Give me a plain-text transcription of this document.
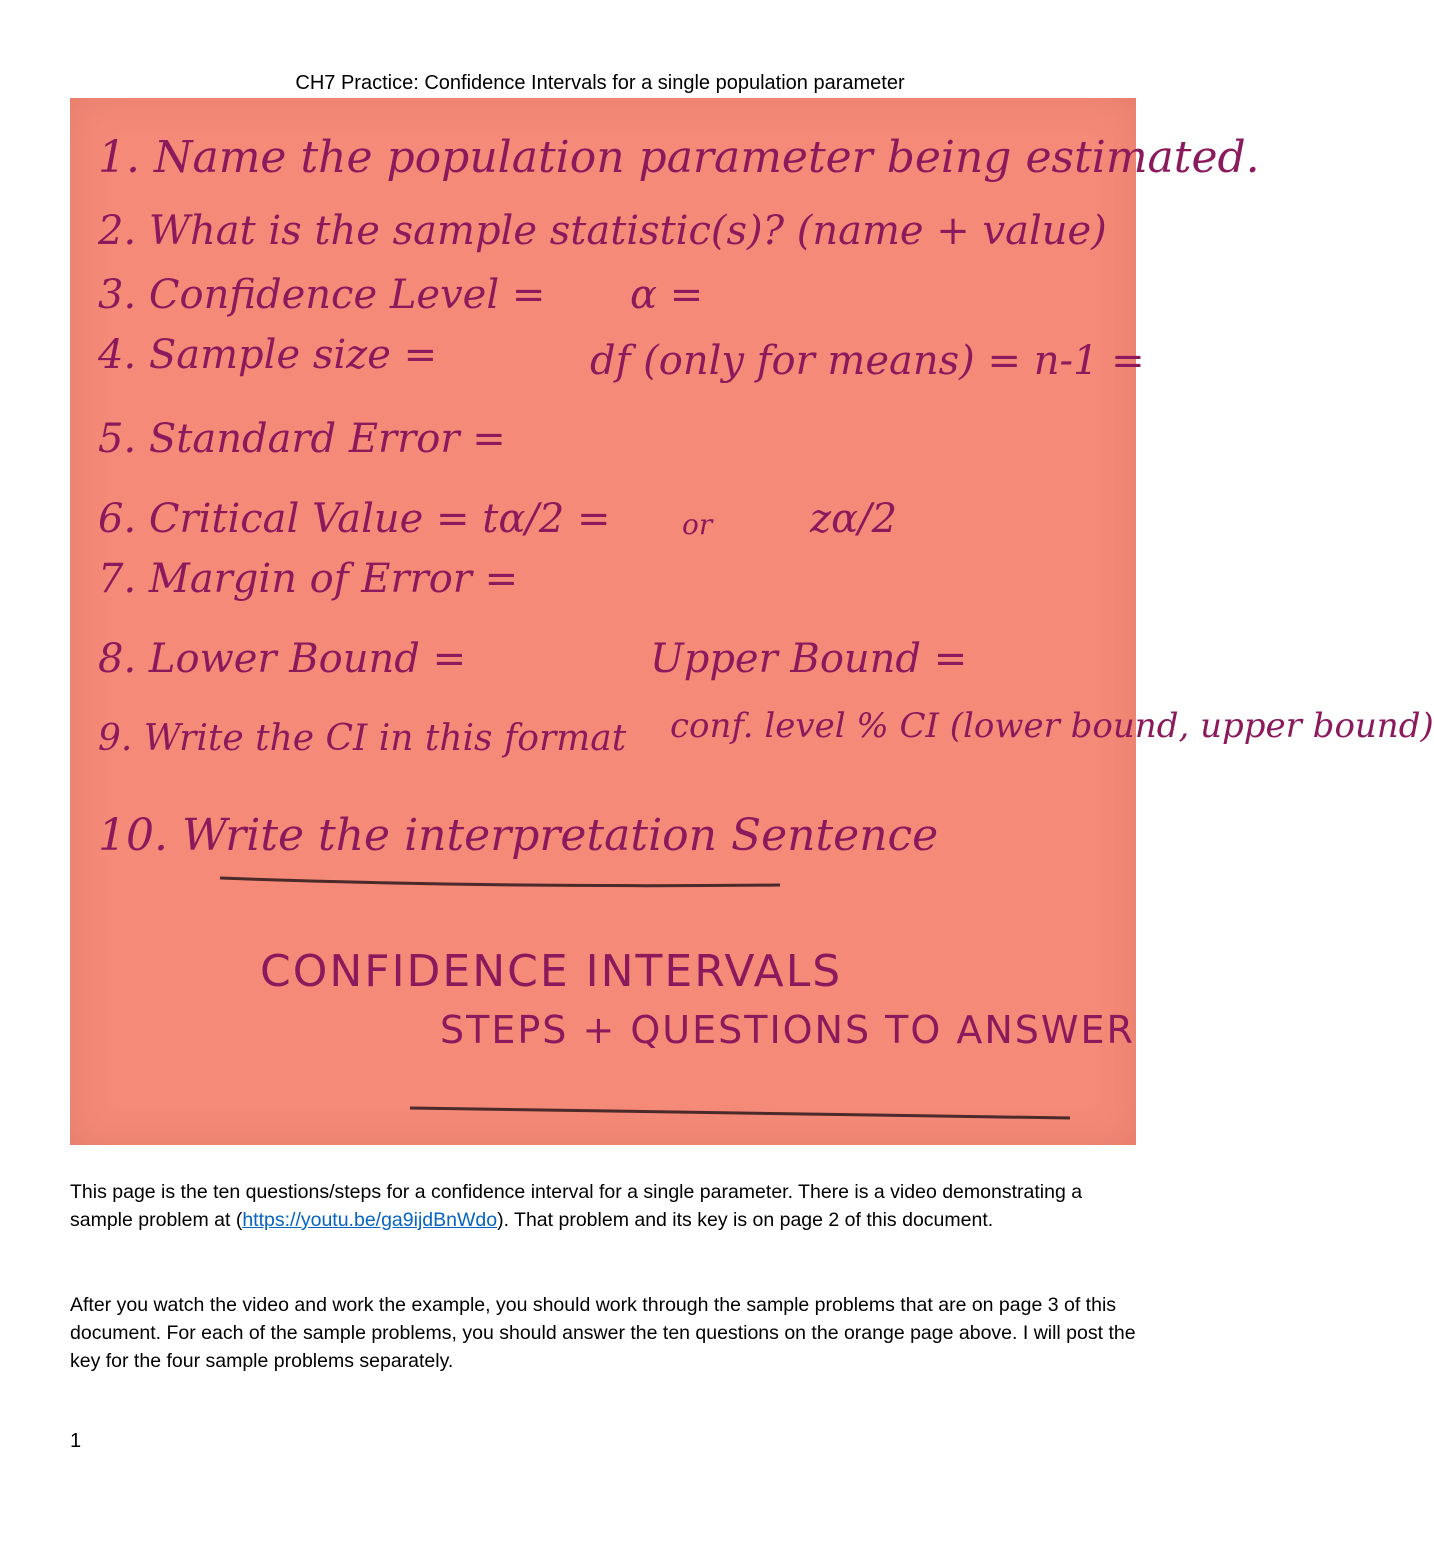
CH7 Practice: Confidence Intervals for a single population parameter
1. Name the population parameter being estimated.
2. What is the sample statistic(s)? (name + value)
3. Confidence Level = α =
4. Sample size =	df (only for means) = n-1 =
5. Standard Error =
6. Critical Value = tα/2 =	or zα/2
7. Margin of Error =
8. Lower Bound =	Upper Bound =
9. Write the CI in this format conf. level % CI (lower bound, upper bound)
10. Write the interpretation Sentence
CONFIDENCE INTERVALS
STEPS + QUESTIONS TO ANSWER
This page is the ten questions/steps for a confidence interval for a single parameter. There is a video demonstrating a sample problem at (https://youtu.be/ga9ijdBnWdo). That problem and its key is on page 2 of this document.
After you watch the video and work the example, you should work through the sample problems that are on page 3 of this document. For each of the sample problems, you should answer the ten questions on the orange page above. I will post the key for the four sample problems separately.
1
